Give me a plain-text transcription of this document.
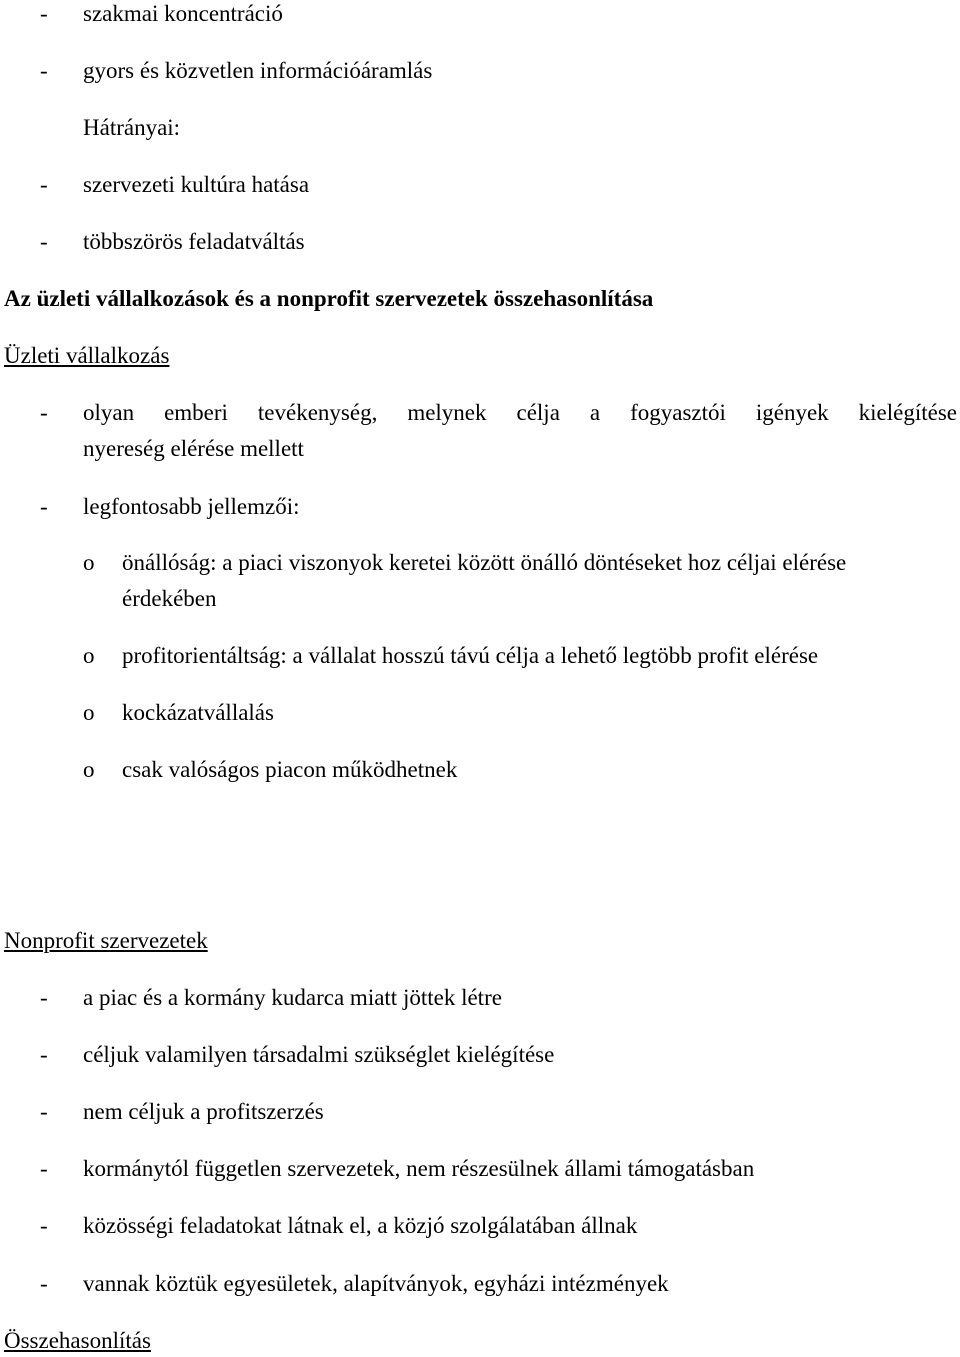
- szakmai koncentráció
- gyors és közvetlen információáramlás
Hátrányai:
- szervezeti kultúra hatása
- többszörös feladatváltás
Az üzleti vállalkozások és a nonprofit szervezetek összehasonlítása
Üzleti vállalkozás
- olyan emberi tevékenység, melynek célja a fogyasztói igények kielégítése
nyereség elérése mellett
- legfontosabb jellemzői:
o önállóság: a piaci viszonyok keretei között önálló döntéseket hoz céljai elérése
érdekében
o profitorientáltság: a vállalat hosszú távú célja a lehető legtöbb profit elérése
o kockázatvállalás
o csak valóságos piacon működhetnek
Nonprofit szervezetek
- a piac és a kormány kudarca miatt jöttek létre
- céljuk valamilyen társadalmi szükséglet kielégítése
- nem céljuk a profitszerzés
- kormánytól független szervezetek, nem részesülnek állami támogatásban
- közösségi feladatokat látnak el, a közjó szolgálatában állnak
- vannak köztük egyesületek, alapítványok, egyházi intézmények
Összehasonlítás
